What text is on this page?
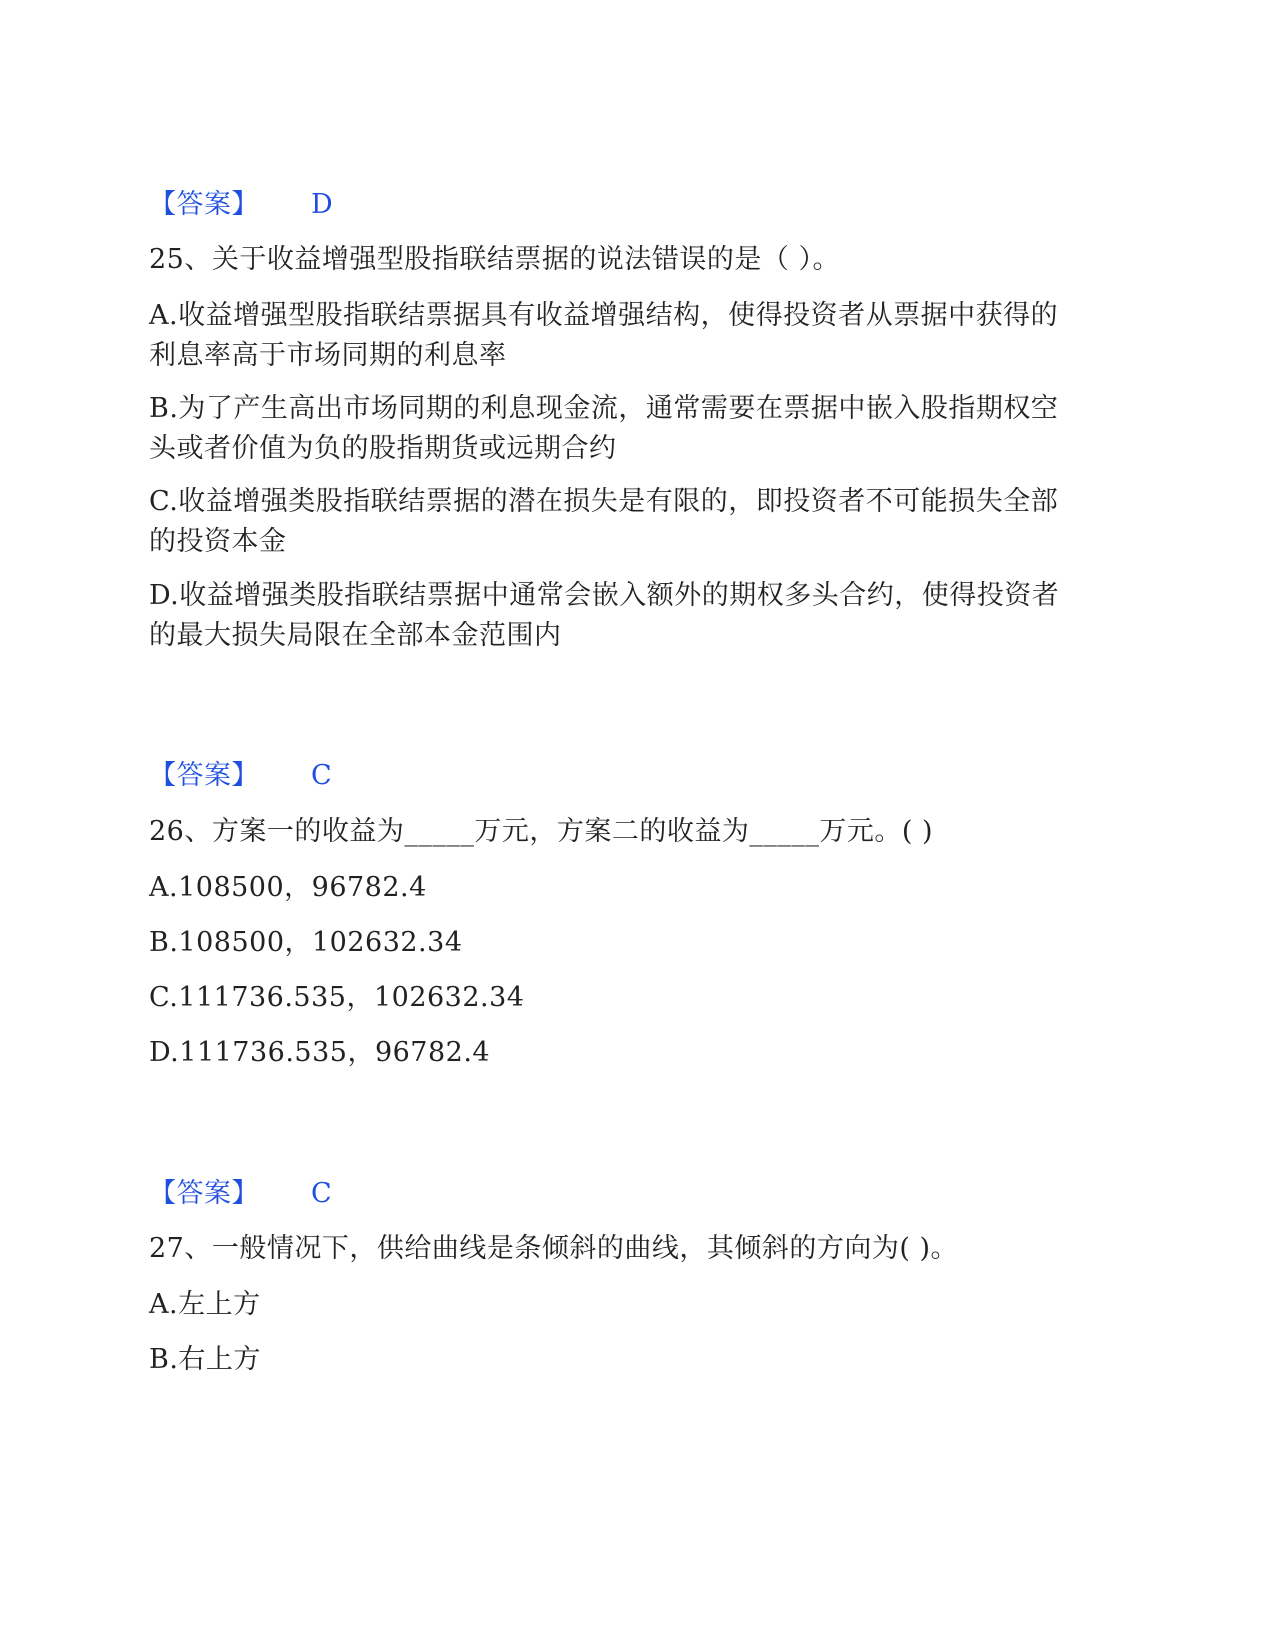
【答案】 D
25、关于收益增强型股指联结票据的说法错误的是（ ）。
A.收益增强型股指联结票据具有收益增强结构，使得投资者从票据中获得的
利息率高于市场同期的利息率
B.为了产生高出市场同期的利息现金流，通常需要在票据中嵌入股指期权空
头或者价值为负的股指期货或远期合约
C.收益增强类股指联结票据的潜在损失是有限的，即投资者不可能损失全部
的投资本金
D.收益增强类股指联结票据中通常会嵌入额外的期权多头合约，使得投资者
的最大损失局限在全部本金范围内
【答案】 C
26、方案一的收益为_____万元，方案二的收益为_____万元。( )
A.108500，96782.4
B.108500，102632.34
C.111736.535，102632.34
D.111736.535，96782.4
【答案】 C
27、一般情况下，供给曲线是条倾斜的曲线，其倾斜的方向为( )。
A.左上方
B.右上方
